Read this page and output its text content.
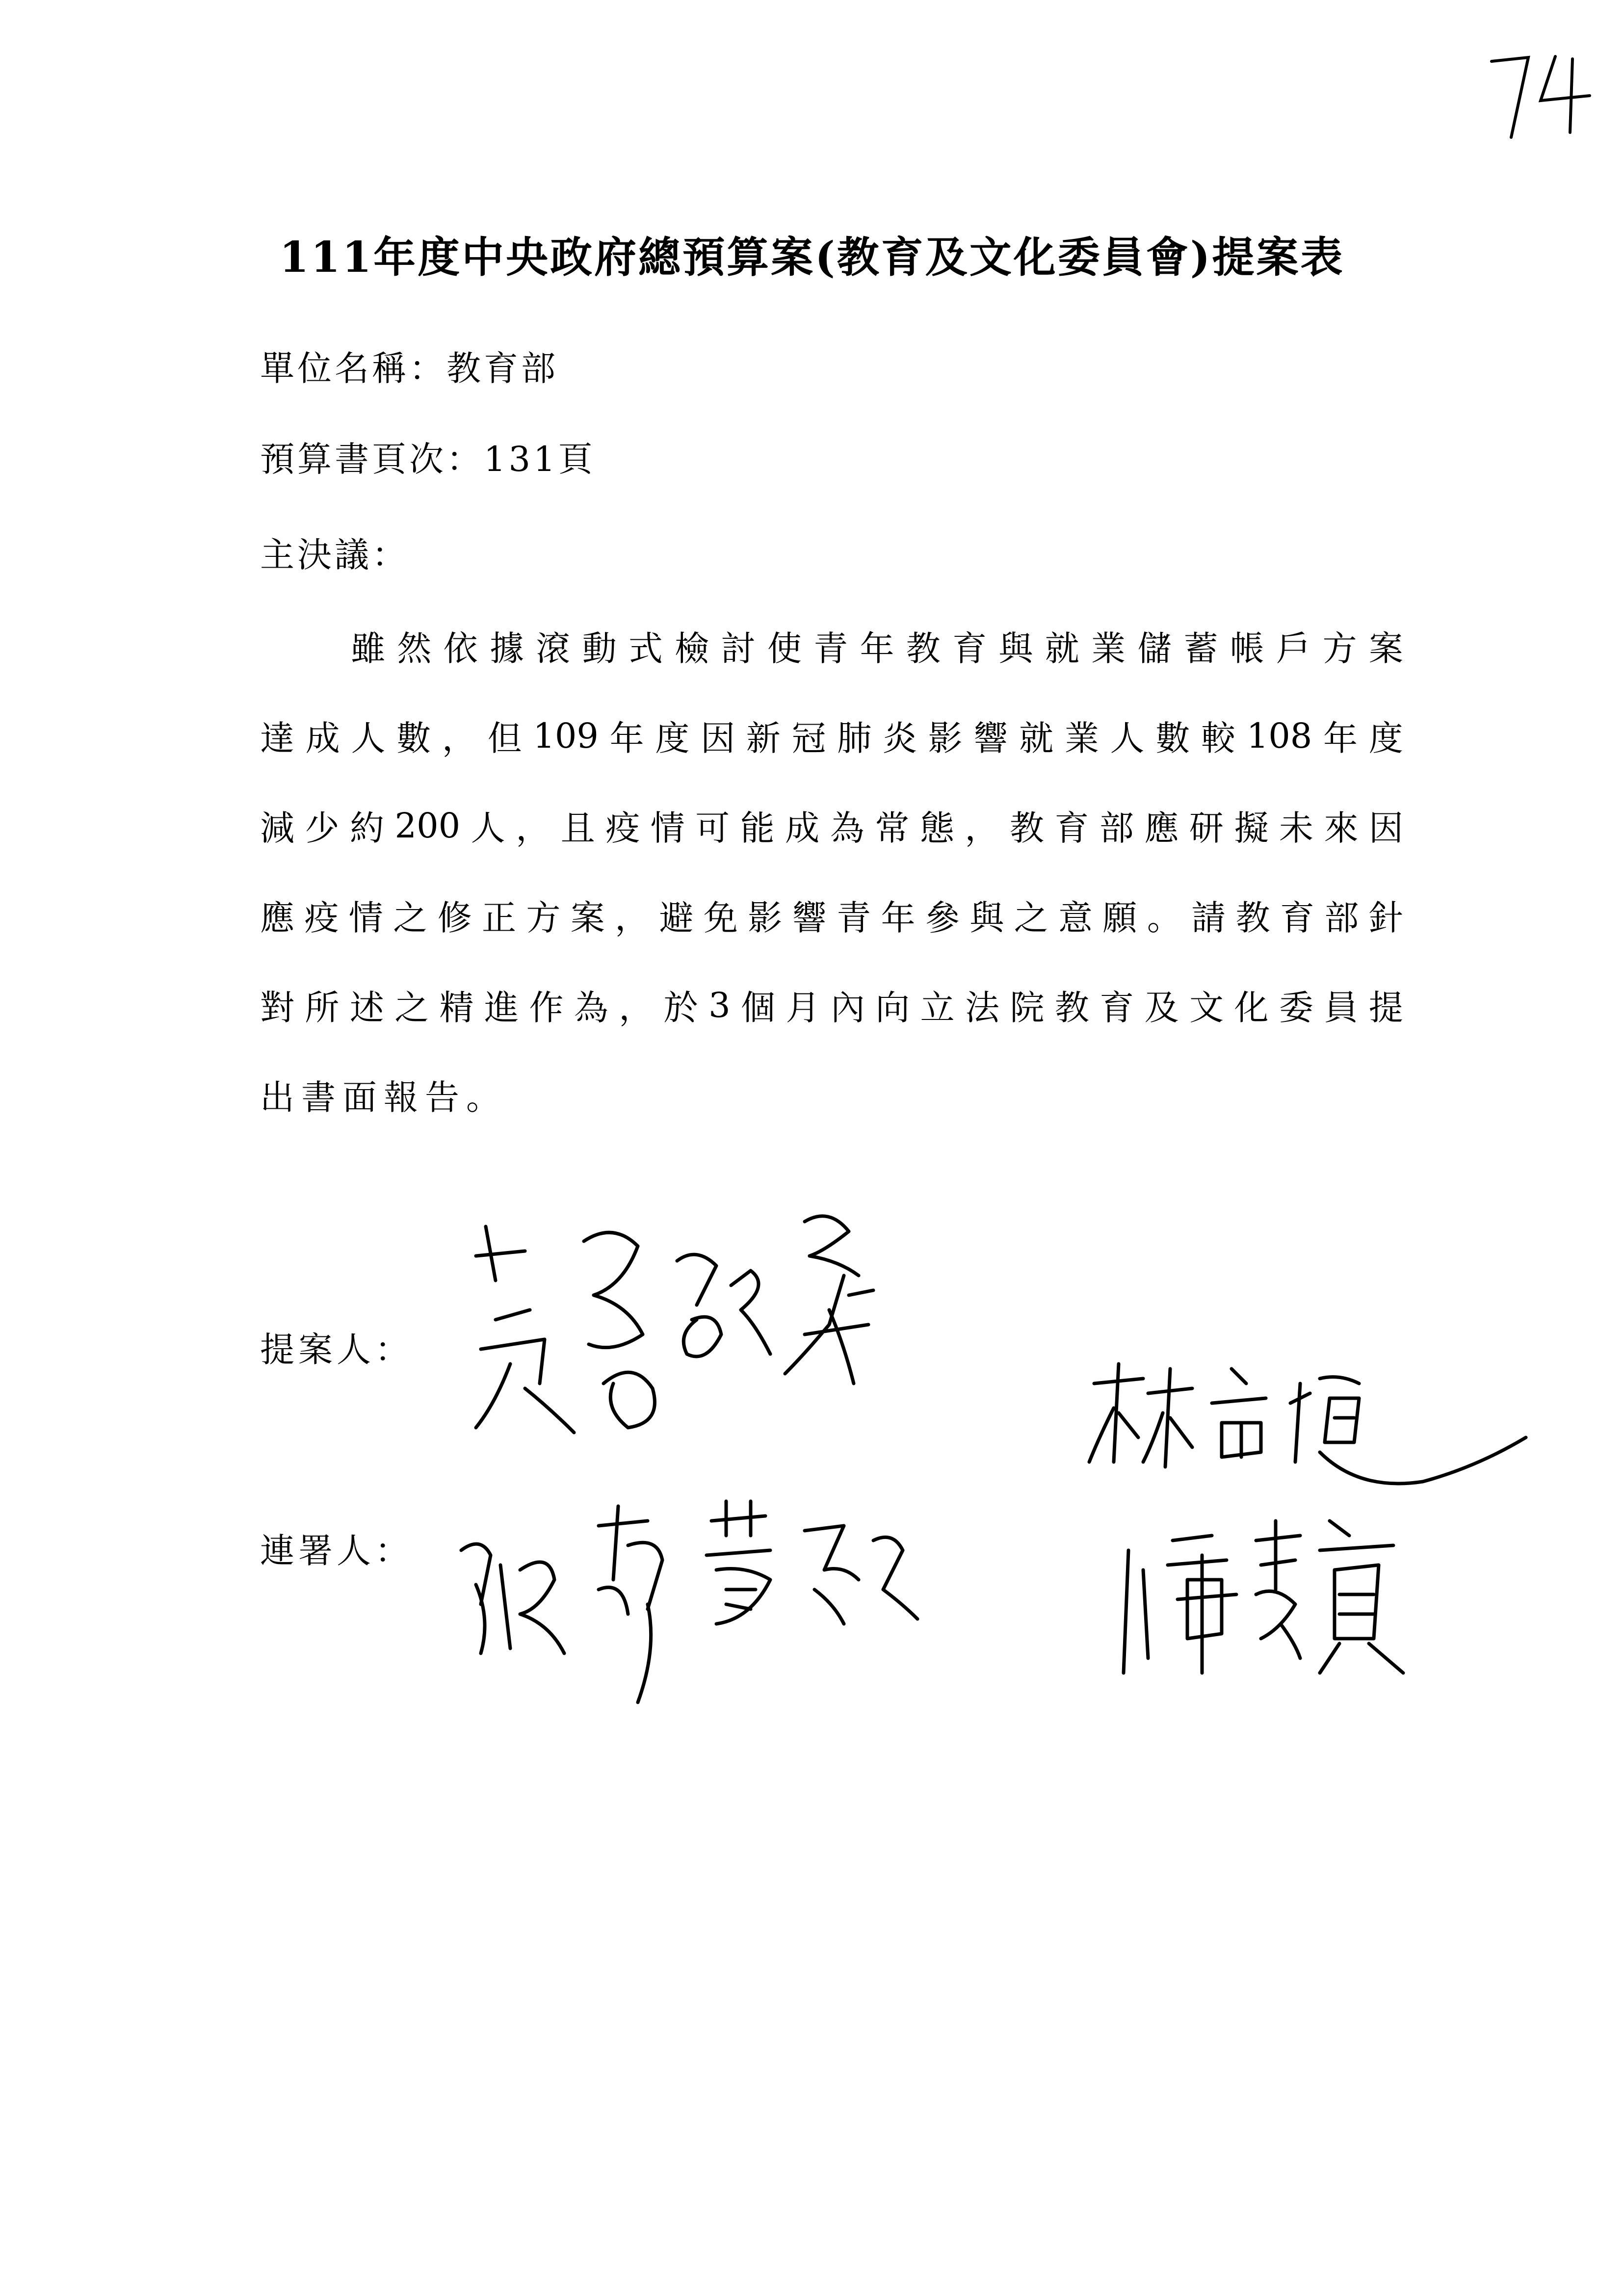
111年度中央政府總預算案(教育及文化委員會)提案表
單位名稱：教育部
預算書頁次：131頁
主決議：
雖 然 依 據 滾 動 式 檢 討 使 青 年 教 育 與 就 業 儲 蓄 帳 戶 方 案
達 成 人 數 ， 但 109 年 度 因 新 冠 肺 炎 影 響 就 業 人 數 較 108 年 度
減 少 約 200 人 ， 且 疫 情 可 能 成 為 常 態 ， 教 育 部 應 研 擬 未 來 因
應 疫 情 之 修 正 方 案 ， 避 免 影 響 青 年 參 與 之 意 願 。 請 教 育 部 針
對 所 述 之 精 進 作 為 ， 於 3 個 月 內 向 立 法 院 教 育 及 文 化 委 員 提
出書面報告。
提案人：
連署人：
